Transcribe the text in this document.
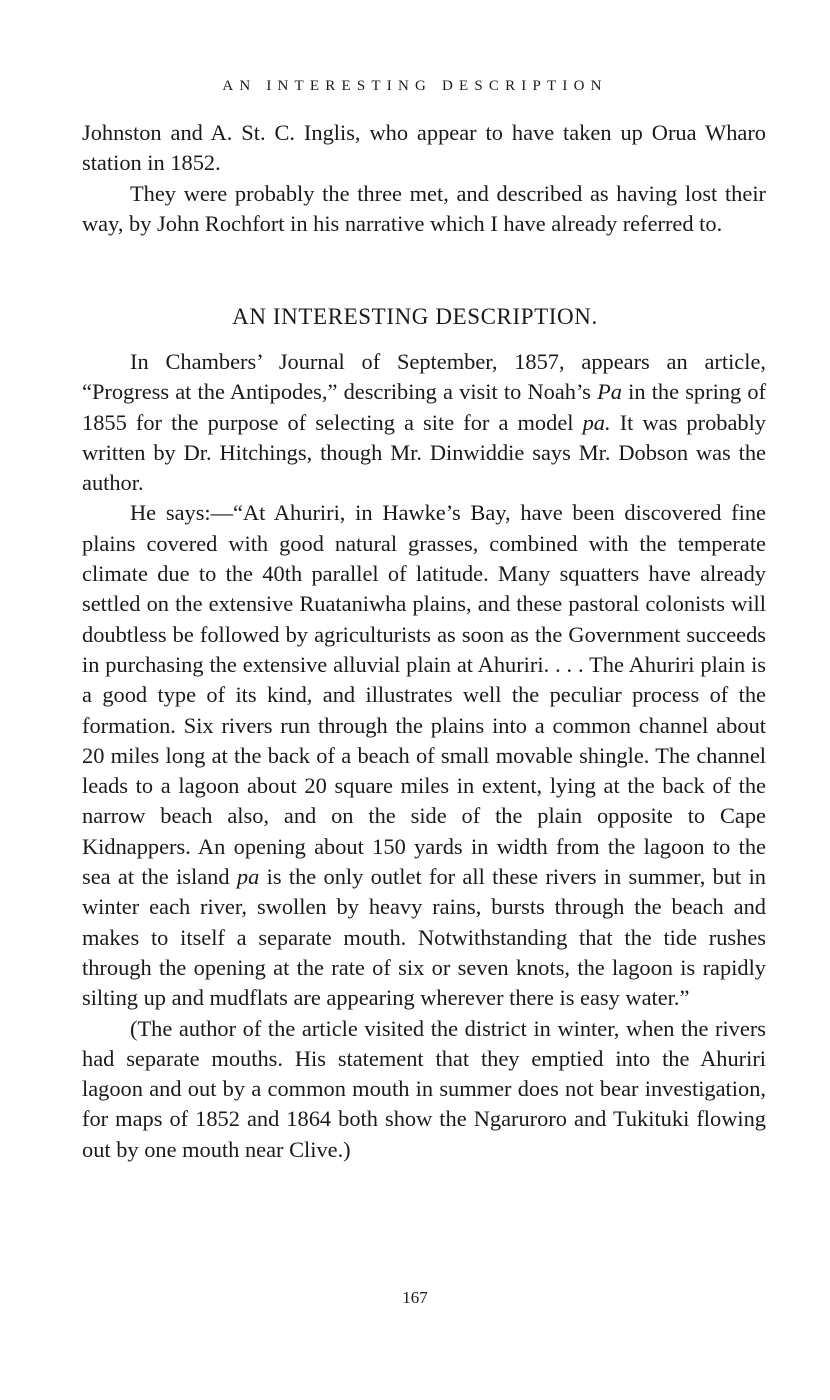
AN INTERESTING DESCRIPTION

Johnston and A. St. C. Inglis, who appear to have taken up Orua Wharo station in 1852.

They were probably the three met, and described as having lost their way, by John Rochfort in his narrative which I have already referred to.

AN INTERESTING DESCRIPTION.

In Chambers’ Journal of September, 1857, appears an article, “Progress at the Antipodes,” describing a visit to Noah’s Pa in the spring of 1855 for the purpose of selecting a site for a model pa. It was probably written by Dr. Hitchings, though Mr. Dinwiddie says Mr. Dobson was the author.

He says:—“At Ahuriri, in Hawke’s Bay, have been discovered fine plains covered with good natural grasses, combined with the temperate climate due to the 40th parallel of latitude. Many squatters have already settled on the extensive Ruataniwha plains, and these pastoral colonists will doubtless be followed by agriculturists as soon as the Government succeeds in purchasing the extensive alluvial plain at Ahuriri. . . . The Ahuriri plain is a good type of its kind, and illustrates well the peculiar process of the formation. Six rivers run through the plains into a common channel about 20 miles long at the back of a beach of small movable shingle. The channel leads to a lagoon about 20 square miles in extent, lying at the back of the narrow beach also, and on the side of the plain opposite to Cape Kidnappers. An opening about 150 yards in width from the lagoon to the sea at the island pa is the only outlet for all these rivers in summer, but in winter each river, swollen by heavy rains, bursts through the beach and makes to itself a separate mouth. Notwithstanding that the tide rushes through the opening at the rate of six or seven knots, the lagoon is rapidly silting up and mudflats are appearing wherever there is easy water.”

(The author of the article visited the district in winter, when the rivers had separate mouths. His statement that they emptied into the Ahuriri lagoon and out by a common mouth in summer does not bear investigation, for maps of 1852 and 1864 both show the Ngaruroro and Tukituki flowing out by one mouth near Clive.)

167
